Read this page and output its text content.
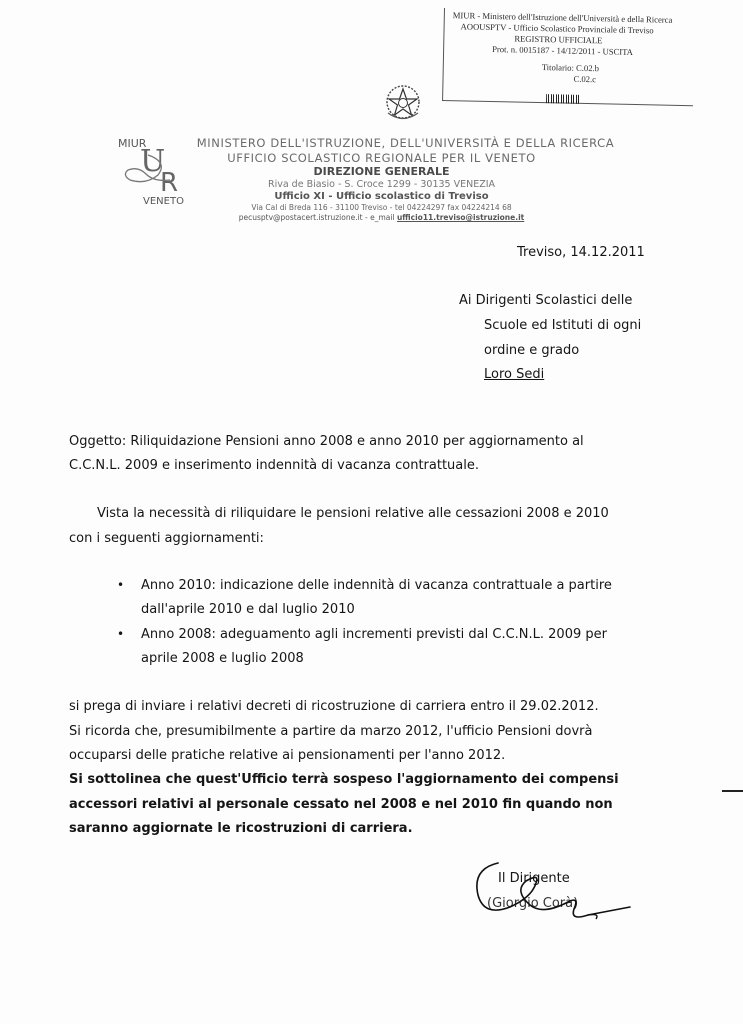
MIUR - Ministero dell'Istruzione dell'Università e della Ricerca
AOOUSPTV - Ufficio Scolastico Provinciale di Treviso
REGISTRO UFFICIALE
Prot. n. 0015187 - 14/12/2011 - USCITA
Titolario: C.02.b
C.02.c
MIUR
U
R
VENETO
MINISTERO DELL'ISTRUZIONE, DELL'UNIVERSITÀ E DELLA RICERCA
UFFICIO SCOLASTICO REGIONALE PER IL VENETO
DIREZIONE GENERALE
Riva de Biasio - S. Croce 1299 - 30135 VENEZIA
Ufficio XI - Ufficio scolastico di Treviso
Via Cal di Breda 116 - 31100 Treviso - tel 04224297 fax 04224214 68
pecusptv@postacert.istruzione.it - e_mail ufficio11.treviso@istruzione.it
Treviso, 14.12.2011
Ai Dirigenti Scolastici delle
Scuole ed Istituti di ogni
ordine e grado
Loro Sedi
Oggetto: Riliquidazione Pensioni anno 2008 e anno 2010 per aggiornamento al
C.C.N.L. 2009 e inserimento indennità di vacanza contrattuale.
Vista la necessità di riliquidare le pensioni relative alle cessazioni 2008 e 2010
con i seguenti aggiornamenti:
• Anno 2010: indicazione delle indennità di vacanza contrattuale a partire
dall'aprile 2010 e dal luglio 2010
• Anno 2008: adeguamento agli incrementi previsti dal C.C.N.L. 2009 per
aprile 2008 e luglio 2008
si prega di inviare i relativi decreti di ricostruzione di carriera entro il 29.02.2012.
Si ricorda che, presumibilmente a partire da marzo 2012, l'ufficio Pensioni dovrà
occuparsi delle pratiche relative ai pensionamenti per l'anno 2012.
Si sottolinea che quest'Ufficio terrà sospeso l'aggiornamento dei compensi
accessori relativi al personale cessato nel 2008 e nel 2010 fin quando non
saranno aggiornate le ricostruzioni di carriera.
Il Dirigente
(Giorgio Corà)
